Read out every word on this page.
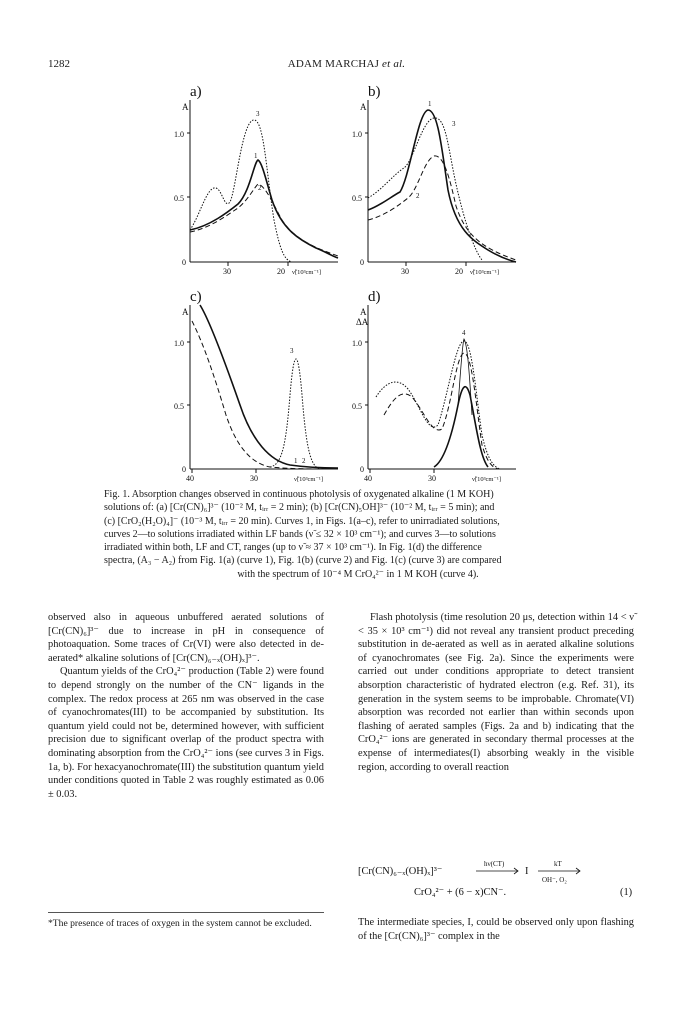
1282	ADAM MARCHAJ et al.
a)
A
1.0
0.5
0
30	20 ν̃[10³cm⁻¹]
3
1
2
b)
A
1.0
0.5
0
30	20 ν̃[10³cm⁻¹]
1
2
3
c)
A
1.0
0.5
0
40	30	ν̃[10³cm⁻¹]
3
1 2
d)
A
ΔA
1.0
0.5
0
40	30	ν̃[10³cm⁻¹]
4
Fig. 1. Absorption changes observed in continuous photolysis of oxygenated alkaline (1 M KOH)
solutions of: (a) [Cr(CN)₆]³⁻ (10⁻² M, tᵢᵣᵣ = 2 min); (b) [Cr(CN)₅OH]³⁻ (10⁻² M, tᵢᵣᵣ = 5 min); and
(c) [CrO₂(H₂O)₄]⁻ (10⁻³ M, tᵢᵣᵣ = 20 min). Curves 1, in Figs. 1(a–c), refer to unirradiated solutions,
curves 2—to solutions irradiated within LF bands (ν̃ ≤ 32 × 10³ cm⁻¹); and curves 3—to solutions
irradiated within both, LF and CT, ranges (up to ν̃ ≈ 37 × 10³ cm⁻¹). In Fig. 1(d) the difference
spectra, (A₃ − A₂) from Fig. 1(a) (curve 1), Fig. 1(b) (curve 2) and Fig. 1(c) (curve 3) are compared

with the spectrum of 10⁻⁴ M CrO₄²⁻ in 1 M KOH (curve 4).

observed also in aqueous unbuffered aerated solutions of [Cr(CN)₆]³⁻ due to increase in pH in consequence of photoaquation. Some traces of Cr(VI) were also detected in de-aerated* alkaline solutions of [Cr(CN)₆₋ₓ(OH)ₓ]³⁻.

Quantum yields of the CrO₄²⁻ production (Table 2) were found to depend strongly on the number of the CN⁻ ligands in the complex. The redox process at 265 nm was observed in the case of cyanochromates(III) to be accompanied by substitution. Its quantum yield could not be, determined however, with sufficient precision due to significant overlap of the product spectra with dominating absorption from the CrO₄²⁻ ions (see curves 3 in Figs. 1a, b). For hexacyanochromate(III) the substitution quantum yield under conditions quoted in Table 2 was roughly estimated as 0.06 ± 0.03.

Flash photolysis (time resolution 20 μs, detection within 14 < ν̃ < 35 × 10³ cm⁻¹) did not reveal any transient product preceding substitution in de-aerated as well as in aerated alkaline solutions of cyanochromates (see Fig. 2a). Since the experiments were carried out under conditions appropriate to detect transient absorption characteristic of hydrated electron (e.g. Ref. 31), its generation in the system seems to be improbable. Chromate(VI) absorption was recorded not earlier than within seconds upon flashing of aerated samples (Figs. 2a and b) indicating that the CrO₄²⁻ ions are generated in secondary thermal processes at the expense of intermediates(I) absorbing weakly in the visible region, according to overall reaction

[Cr(CN)₆₋ₓ(OH)ₓ]³⁻
hν(CT)
I
kT
OH⁻, O₂
CrO₄²⁻ + (6 − x)CN⁻.	(1)
*The presence of traces of oxygen in the system cannot be excluded.	The intermediate species, I, could be observed only upon flashing of the [Cr(CN)₆]³⁻ complex in the
